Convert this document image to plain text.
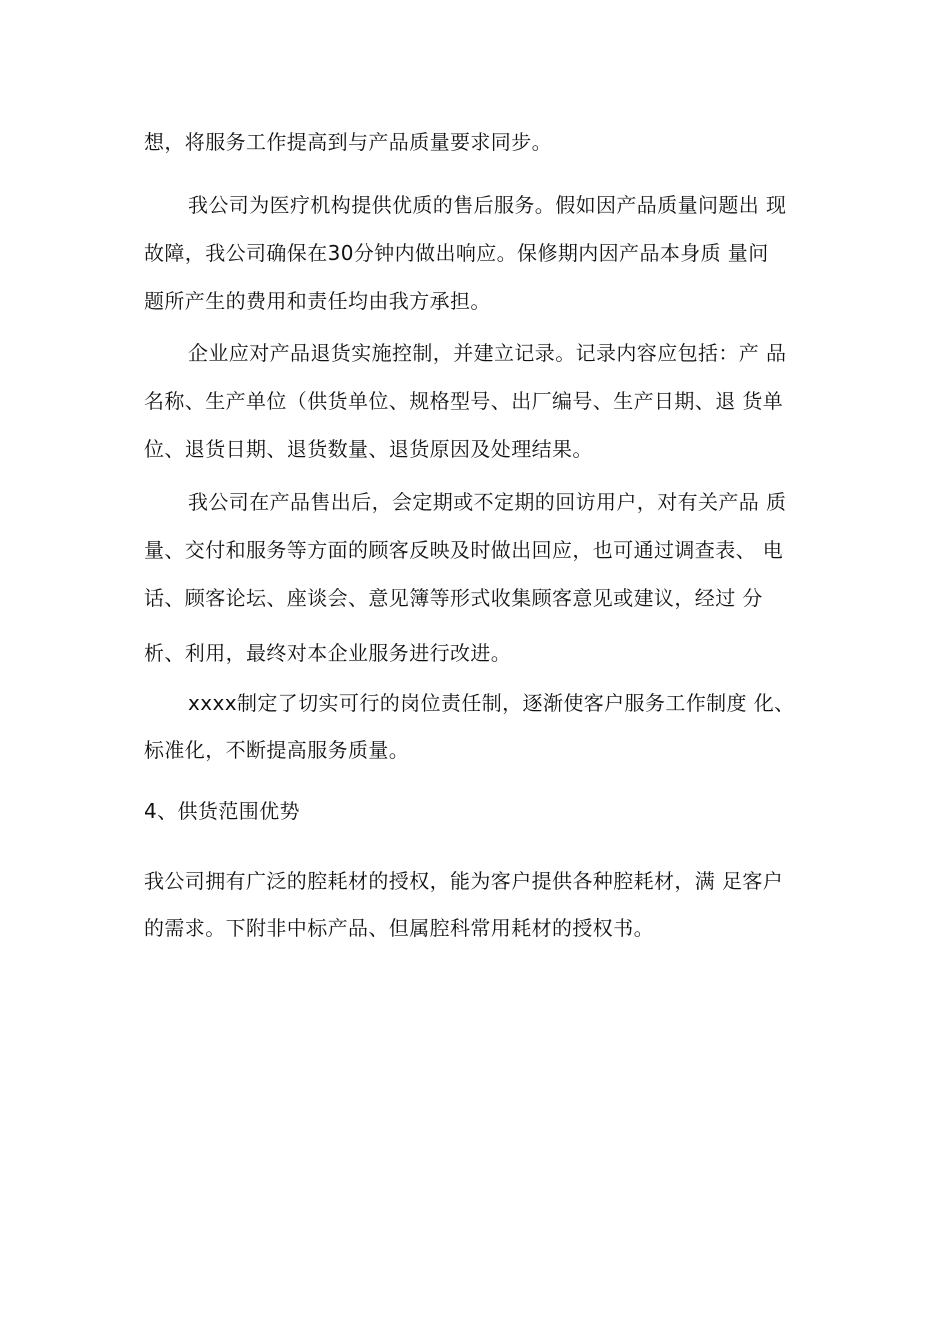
想，将服务工作提高到与产品质量要求同步。
我公司为医疗机构提供优质的售后服务。假如因产品质量问题出 现
故障，我公司确保在30分钟内做出响应。保修期内因产品本身质 量问
题所产生的费用和责任均由我方承担。
企业应对产品退货实施控制，并建立记录。记录内容应包括：产 品
名称、生产单位（供货单位、规格型号、出厂编号、生产日期、退 货单
位、退货日期、退货数量、退货原因及处理结果。
我公司在产品售出后，会定期或不定期的回访用户，对有关产品 质
量、交付和服务等方面的顾客反映及时做出回应，也可通过调查表、 电
话、顾客论坛、座谈会、意见簿等形式收集顾客意见或建议，经过 分
析、利用，最终对本企业服务进行改进。
xxxx制定了切实可行的岗位责任制，逐渐使客户服务工作制度 化、
标准化，不断提高服务质量。
4、供货范围优势
我公司拥有广泛的腔耗材的授权，能为客户提供各种腔耗材，满 足客户
的需求。下附非中标产品、但属腔科常用耗材的授权书。
